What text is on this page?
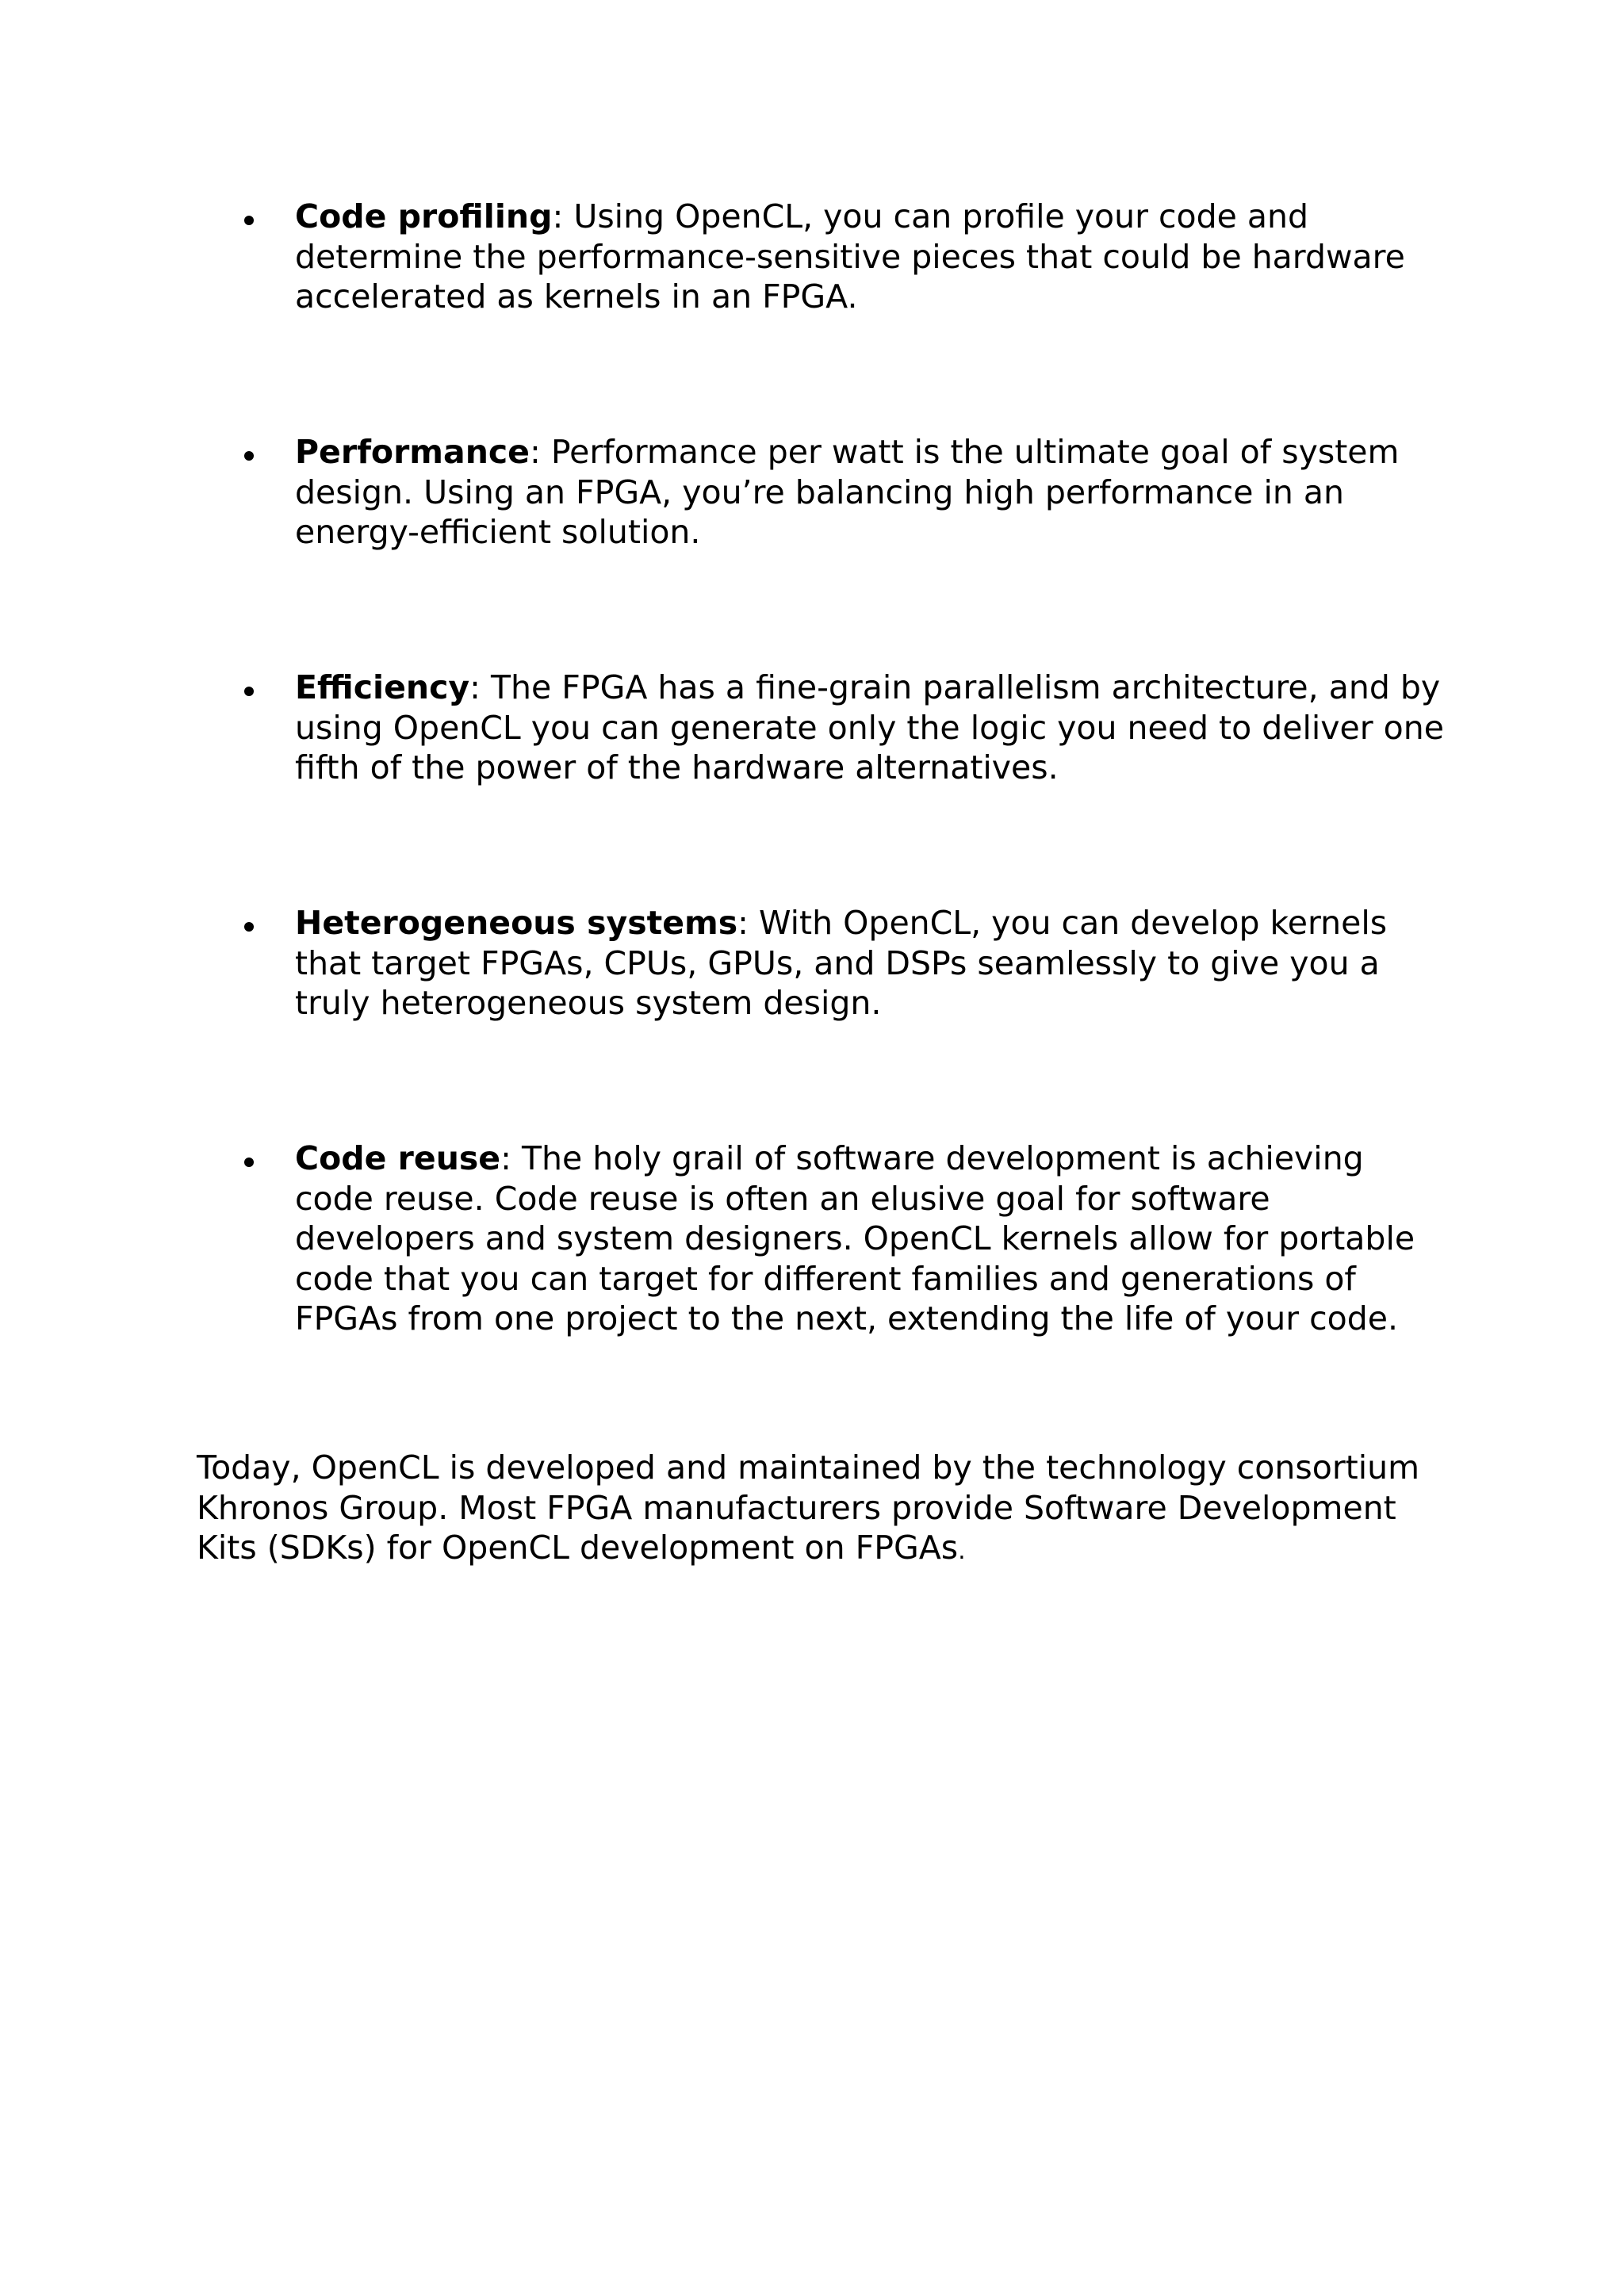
Code profiling: Using OpenCL, you can profile your code and
determine the performance-sensitive pieces that could be hardware
accelerated as kernels in an FPGA.

Performance: Performance per watt is the ultimate goal of system
design. Using an FPGA, you’re balancing high performance in an
energy-efficient solution.

Efficiency: The FPGA has a fine-grain parallelism architecture, and by
using OpenCL you can generate only the logic you need to deliver one
fifth of the power of the hardware alternatives.

Heterogeneous systems: With OpenCL, you can develop kernels
that target FPGAs, CPUs, GPUs, and DSPs seamlessly to give you a
truly heterogeneous system design.

Code reuse: The holy grail of software development is achieving
code reuse. Code reuse is often an elusive goal for software
developers and system designers. OpenCL kernels allow for portable
code that you can target for different families and generations of
FPGAs from one project to the next, extending the life of your code.

Today, OpenCL is developed and maintained by the technology consortium
Khronos Group. Most FPGA manufacturers provide Software Development
Kits (SDKs) for OpenCL development on FPGAs.
